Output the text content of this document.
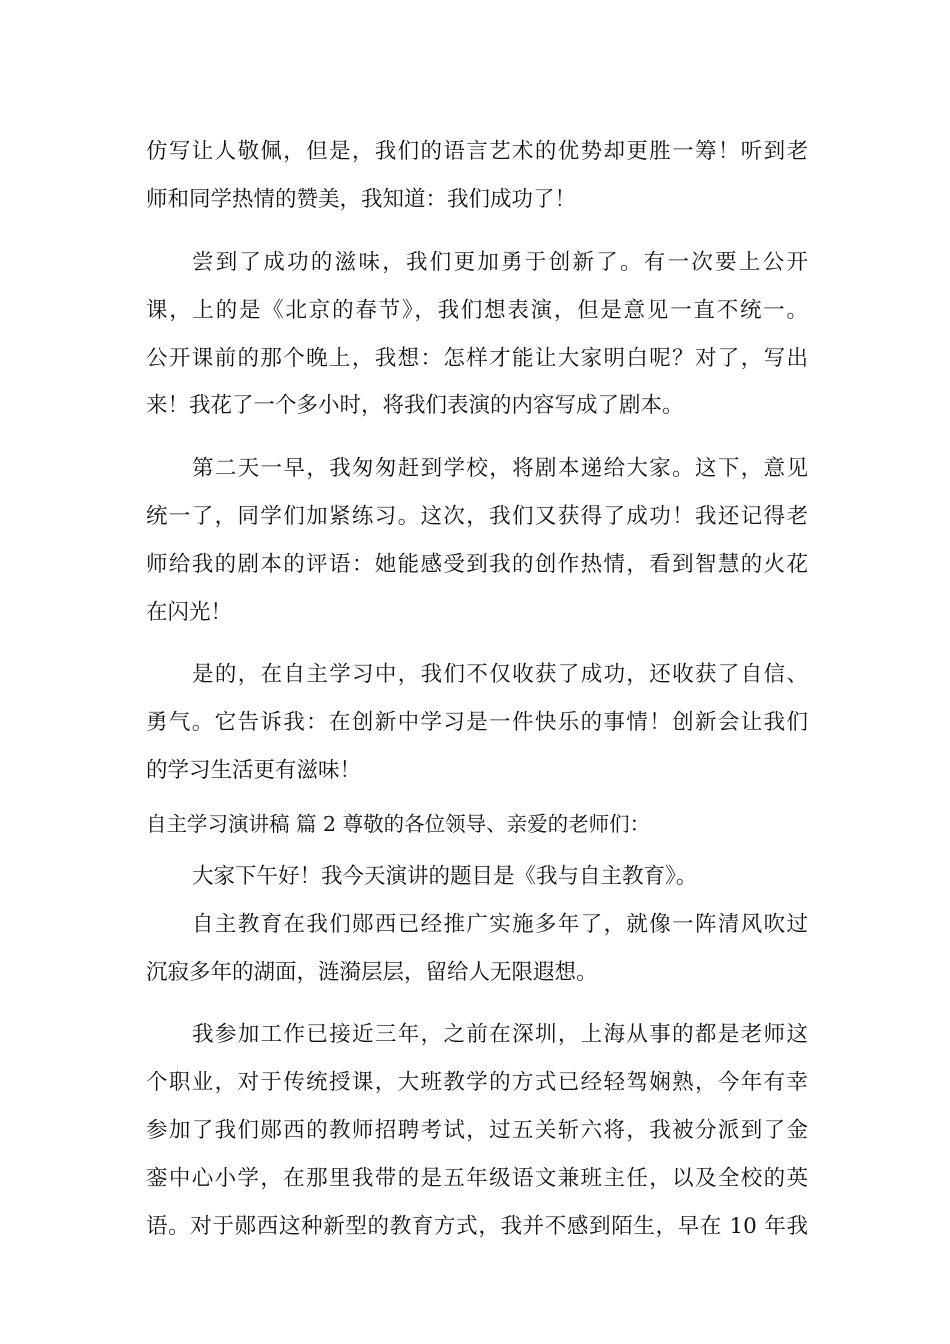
仿写让人敬佩，但是，我们的语言艺术的优势却更胜一筹！听到老
师和同学热情的赞美，我知道：我们成功了！
尝到了成功的滋味，我们更加勇于创新了。有一次要上公开
课，上的是《北京的春节》，我们想表演，但是意见一直不统一。
公开课前的那个晚上，我想：怎样才能让大家明白呢？对了，写出
来！我花了一个多小时，将我们表演的内容写成了剧本。
第二天一早，我匆匆赶到学校，将剧本递给大家。这下，意见
统一了，同学们加紧练习。这次，我们又获得了成功！我还记得老
师给我的剧本的评语：她能感受到我的创作热情，看到智慧的火花
在闪光！
是的，在自主学习中，我们不仅收获了成功，还收获了自信、
勇气。它告诉我：在创新中学习是一件快乐的事情！创新会让我们
的学习生活更有滋味！
自主学习演讲稿 篇 2 尊敬的各位领导、亲爱的老师们：
大家下午好！我今天演讲的题目是《我与自主教育》。
自主教育在我们郧西已经推广实施多年了，就像一阵清风吹过
沉寂多年的湖面，涟漪层层，留给人无限遐想。
我参加工作已接近三年，之前在深圳，上海从事的都是老师这
个职业，对于传统授课，大班教学的方式已经轻驾娴熟，今年有幸
参加了我们郧西的教师招聘考试，过五关斩六将，我被分派到了金
銮中心小学，在那里我带的是五年级语文兼班主任，以及全校的英
语。对于郧西这种新型的教育方式，我并不感到陌生，早在 10 年我
